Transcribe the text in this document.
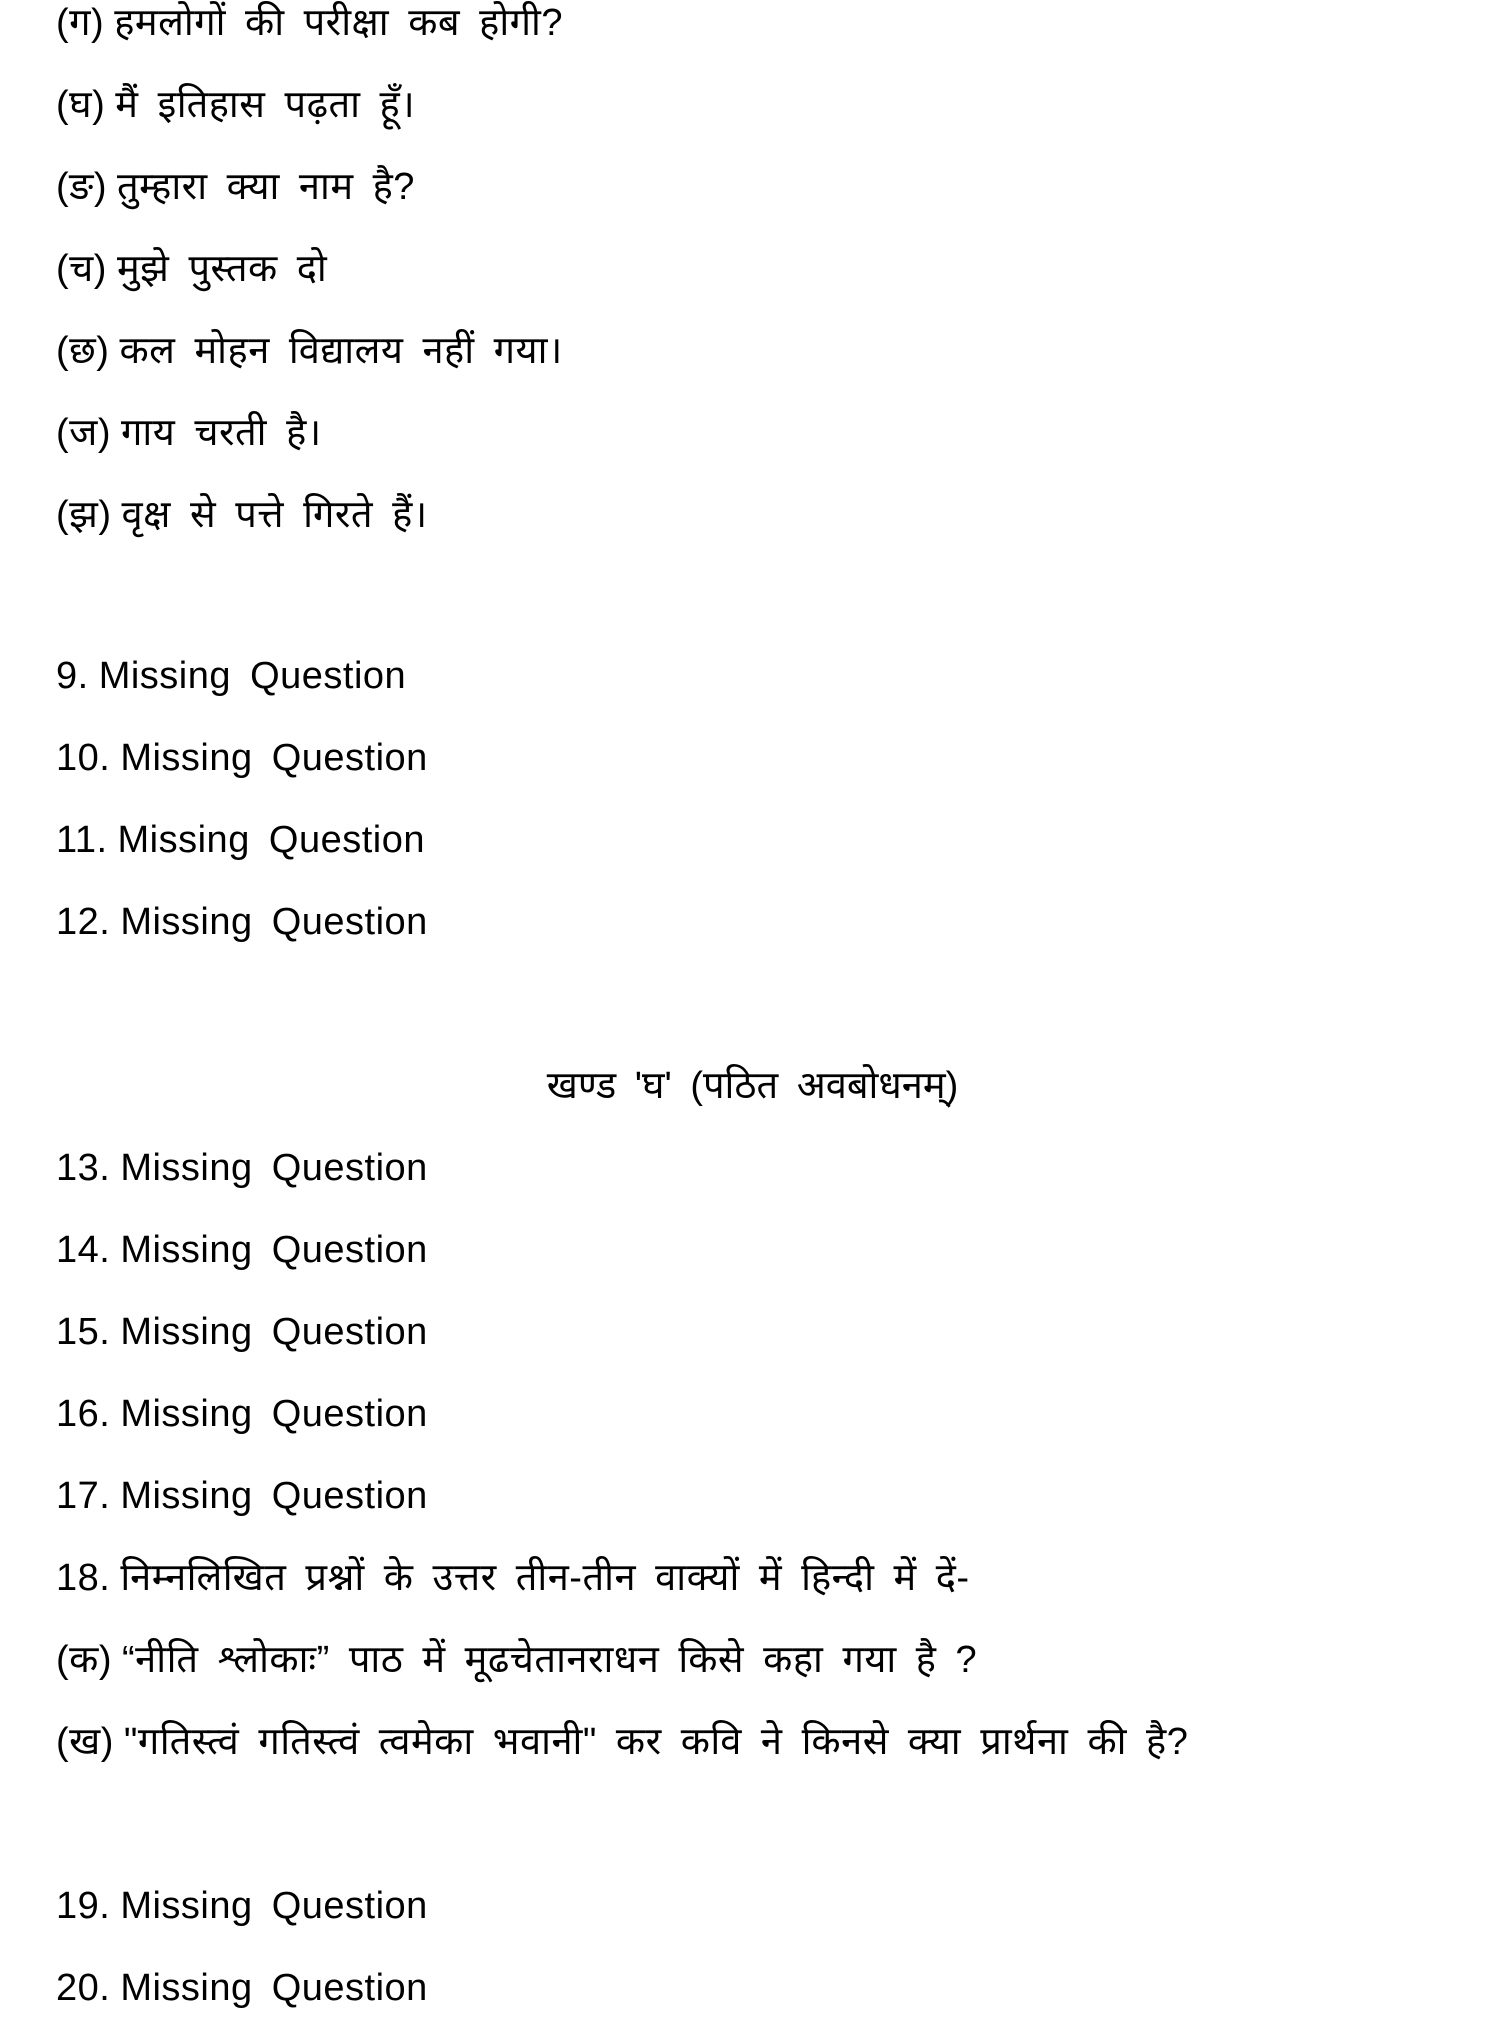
(ग) हमलोगों की परीक्षा कब होगी?
(घ) मैं इतिहास पढ़ता हूँ।
(ङ) तुम्हारा क्या नाम है?
(च) मुझे पुस्तक दो
(छ) कल मोहन विद्यालय नहीं गया।
(ज) गाय चरती है।
(झ) वृक्ष से पत्ते गिरते हैं।
9. Missing Question
10. Missing Question
11. Missing Question
12. Missing Question
खण्ड 'घ' (पठित अवबोधनम्)
13. Missing Question
14. Missing Question
15. Missing Question
16. Missing Question
17. Missing Question
18. निम्नलिखित प्रश्नों के उत्तर तीन-तीन वाक्यों में हिन्दी में दें-
(क) “नीति श्लोकाः” पाठ में मूढचेतानराधन किसे कहा गया है ?
(ख) "गतिस्त्वं गतिस्त्वं त्वमेका भवानी" कर कवि ने किनसे क्या प्रार्थना की है?
19. Missing Question
20. Missing Question
